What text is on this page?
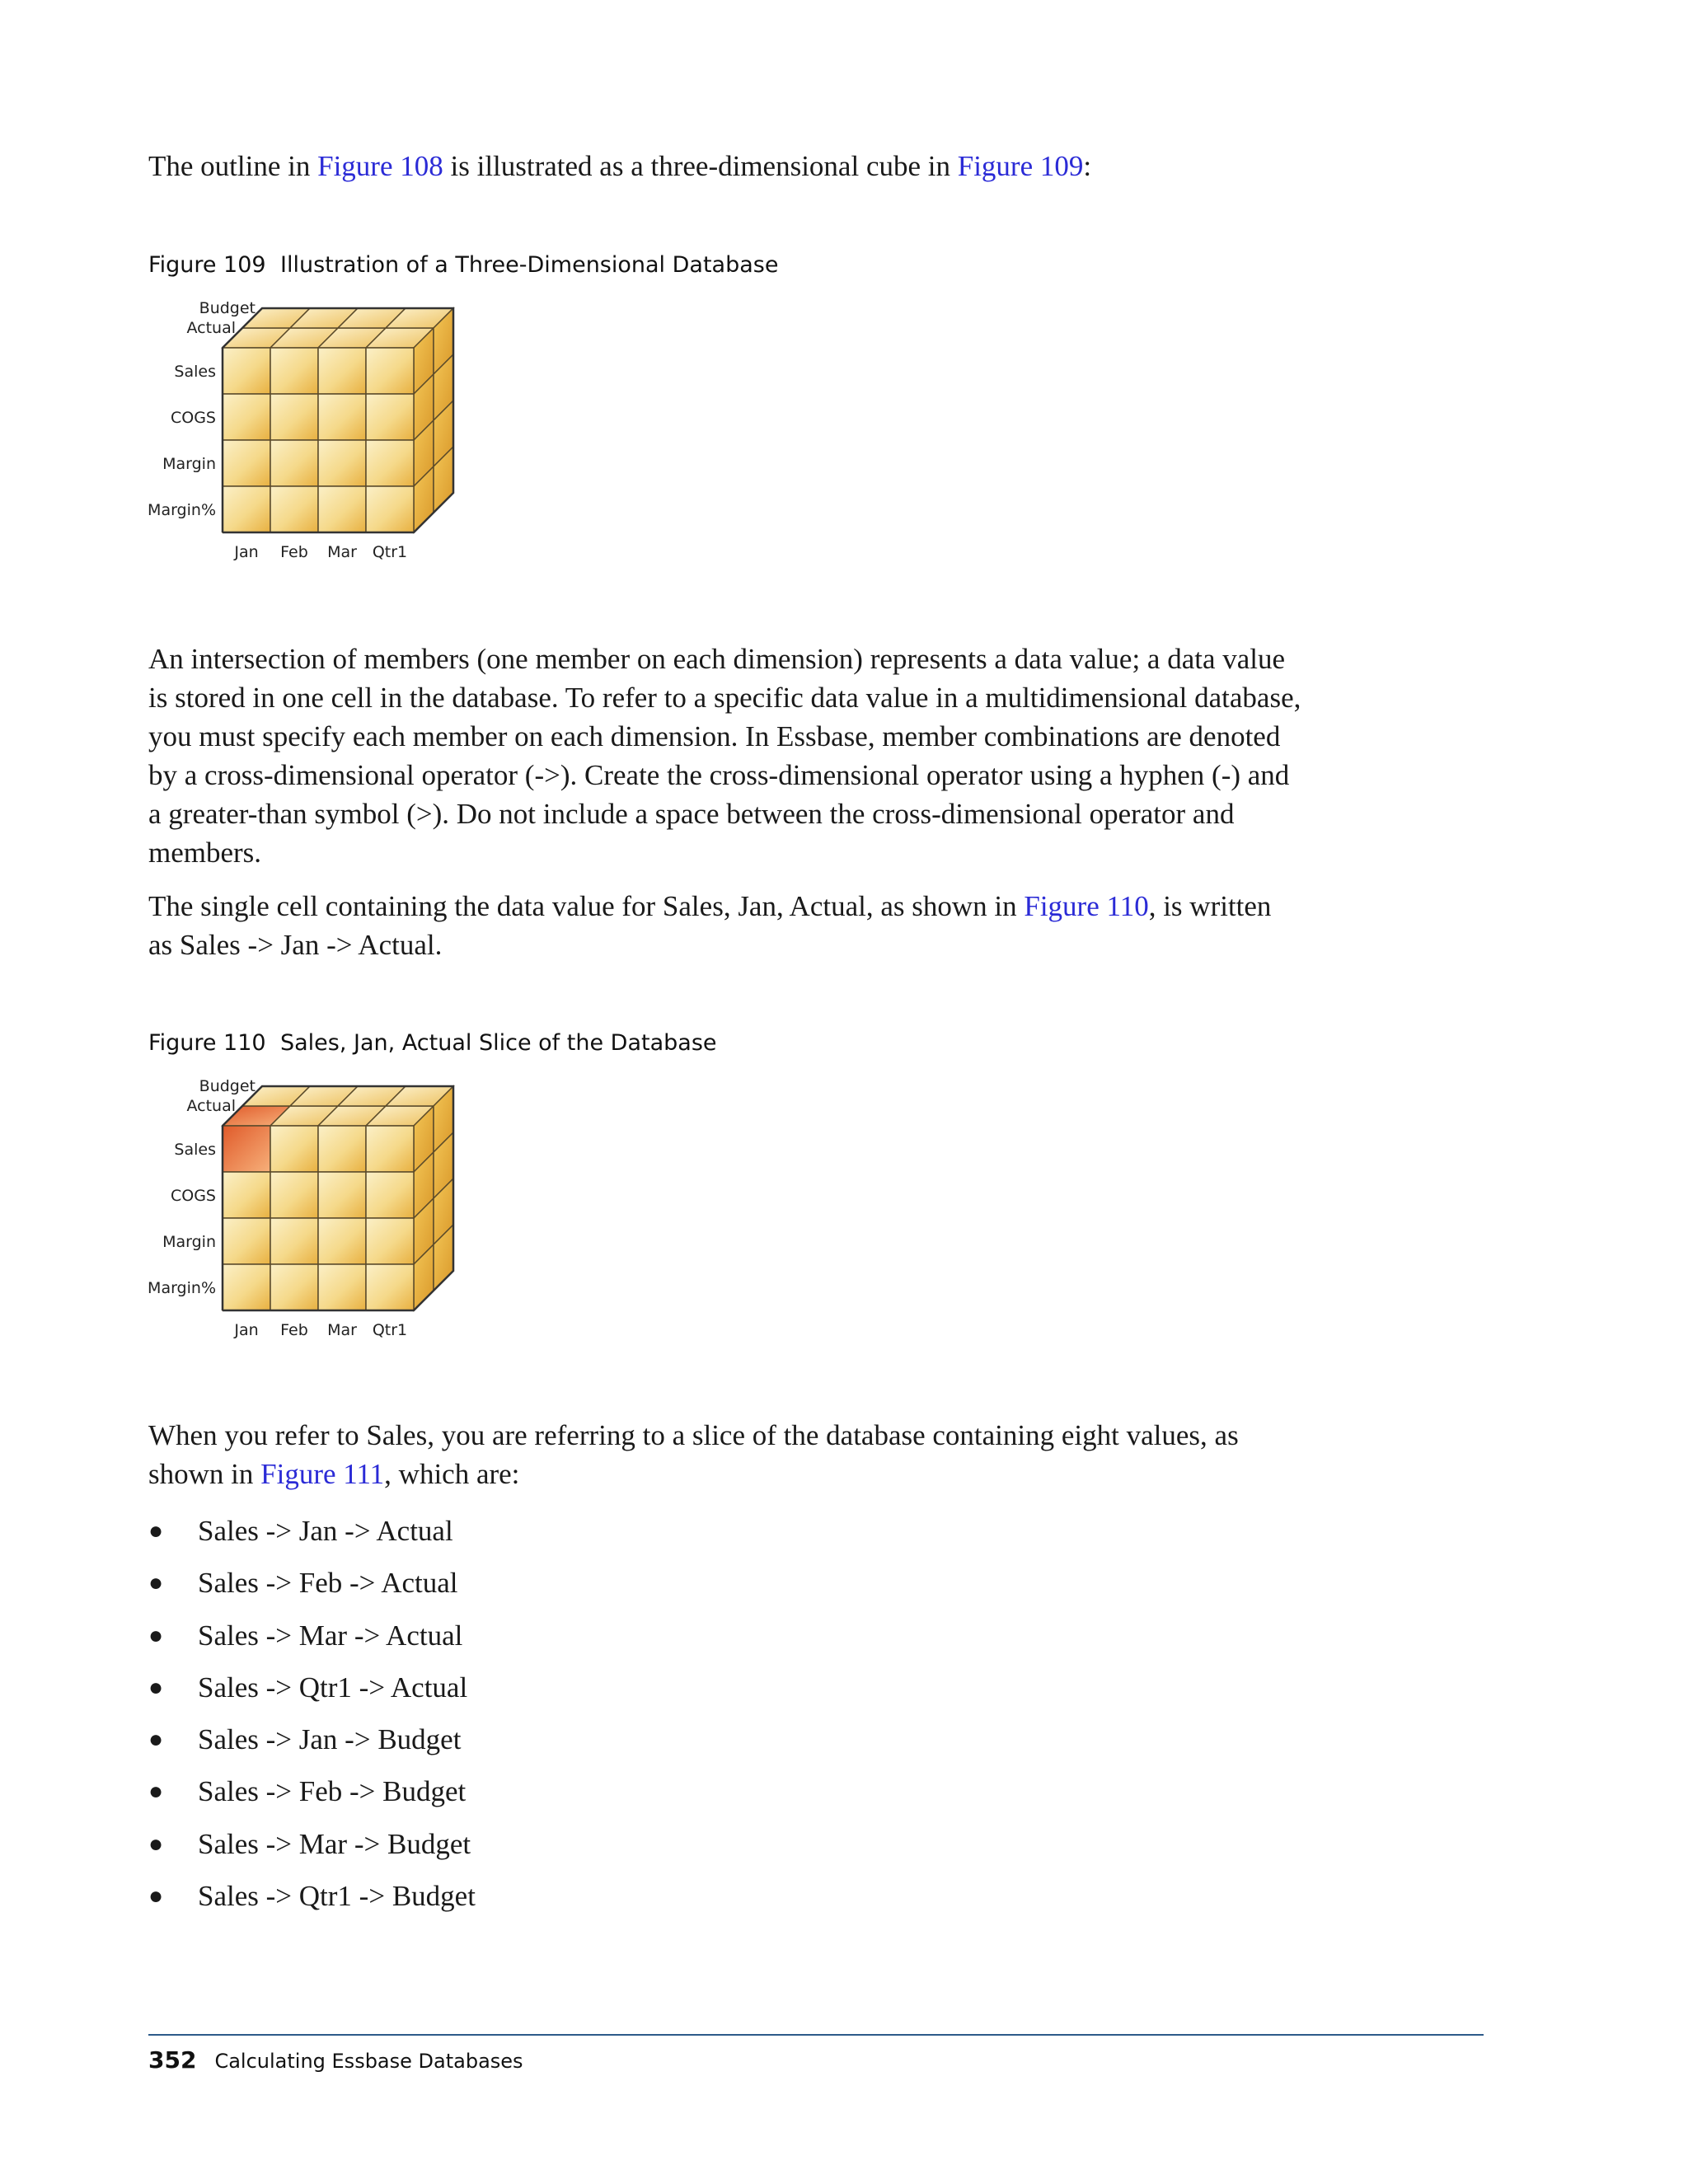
The outline in Figure 108 is illustrated as a three-dimensional cube in Figure 109:

Figure 109 Illustration of a Three-Dimensional Database

Budget
Actual
Sales
COGS
Margin
Margin%
Jan Feb Mar Qtr1

An intersection of members (one member on each dimension) represents a data value; a data value is stored in one cell in the database. To refer to a specific data value in a multidimensional database, you must specify each member on each dimension. In Essbase, member combinations are denoted by a cross-dimensional operator (->). Create the cross-dimensional operator using a hyphen (-) and a greater-than symbol (>). Do not include a space between the cross-dimensional operator and members.

The single cell containing the data value for Sales, Jan, Actual, as shown in Figure 110, is written as Sales -> Jan -> Actual.

Figure 110 Sales, Jan, Actual Slice of the Database

Budget
Actual
Sales
COGS
Margin
Margin%
Jan Feb Mar Qtr1

When you refer to Sales, you are referring to a slice of the database containing eight values, as shown in Figure 111, which are:

● Sales -> Jan -> Actual
● Sales -> Feb -> Actual
● Sales -> Mar -> Actual
● Sales -> Qtr1 -> Actual
● Sales -> Jan -> Budget
● Sales -> Feb -> Budget
● Sales -> Mar -> Budget
● Sales -> Qtr1 -> Budget
352 Calculating Essbase Databases
